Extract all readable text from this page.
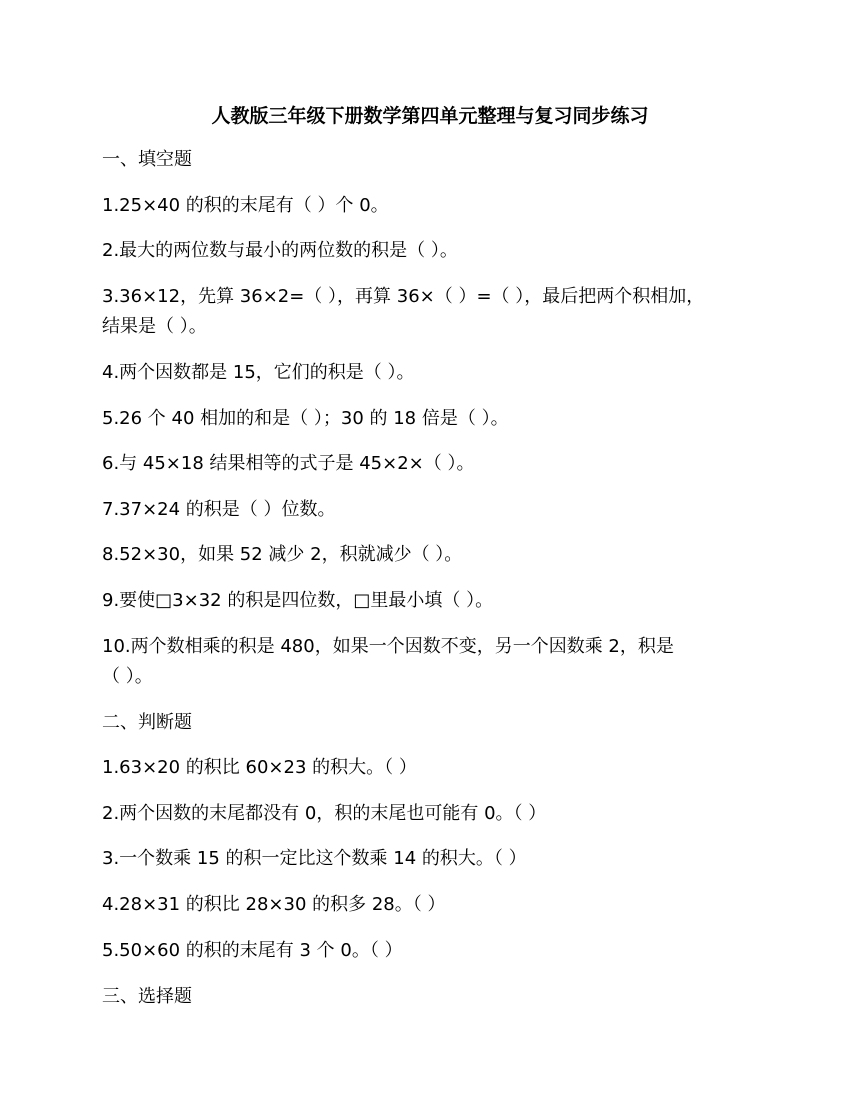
人教版三年级下册数学第四单元整理与复习同步练习

一、填空题

1.25×40 的积的末尾有（ ）个 0。

2.最大的两位数与最小的两位数的积是（ ）。

3.36×12，先算 36×2=（ ），再算 36×（ ）=（ ），最后把两个积相加，

结果是（ ）。

4.两个因数都是 15，它们的积是（ ）。

5.26 个 40 相加的和是（ ）；30 的 18 倍是（ ）。

6.与 45×18 结果相等的式子是 45×2×（ ）。

7.37×24 的积是（ ）位数。

8.52×30，如果 52 减少 2，积就减少（ ）。

9.要使□3×32 的积是四位数，□里最小填（ ）。

10.两个数相乘的积是 480，如果一个因数不变，另一个因数乘 2，积是

（ ）。

二、判断题

1.63×20 的积比 60×23 的积大。（ ）

2.两个因数的末尾都没有 0，积的末尾也可能有 0。（ ）

3.一个数乘 15 的积一定比这个数乘 14 的积大。（ ）

4.28×31 的积比 28×30 的积多 28。（ ）

5.50×60 的积的末尾有 3 个 0。（ ）

三、选择题
